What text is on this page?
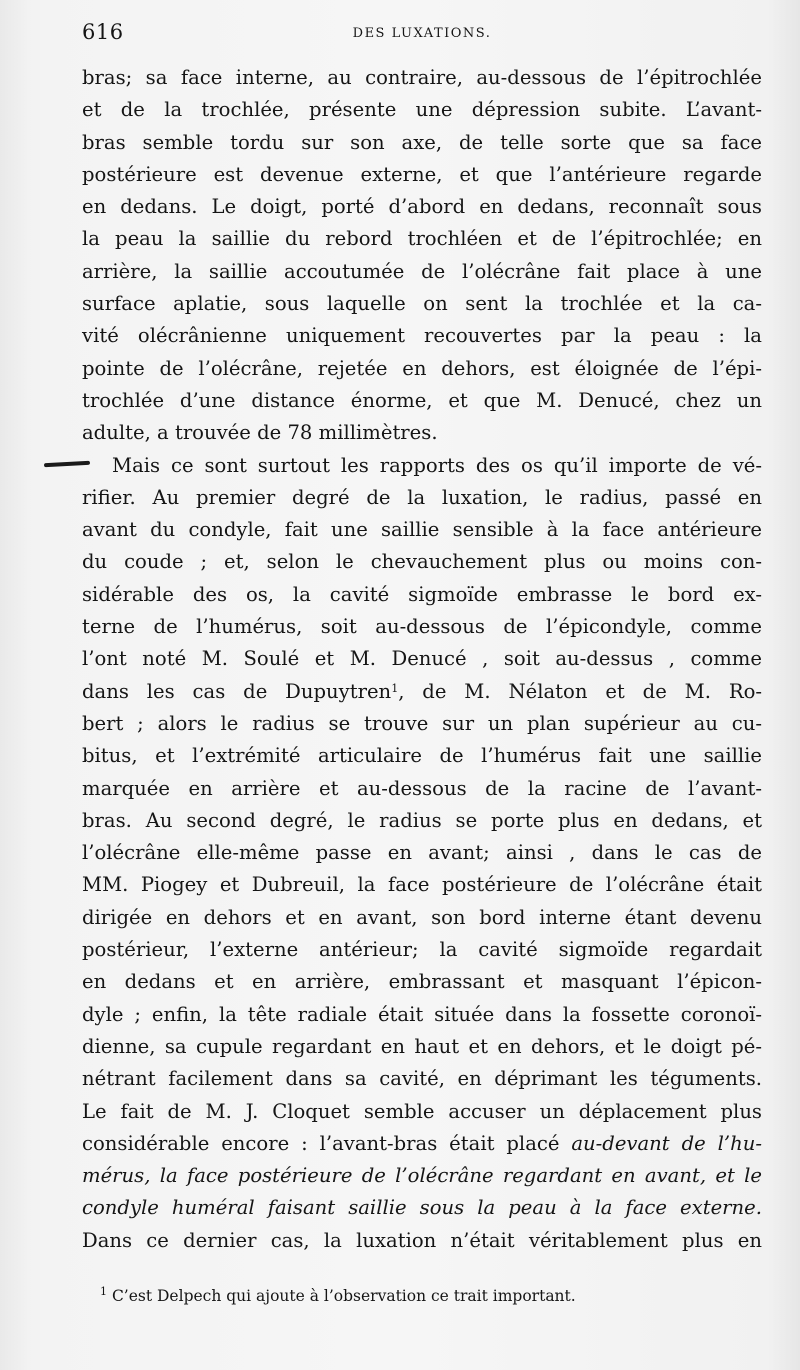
616	DES LUXATIONS.
bras; sa face interne, au contraire, au-dessous de l’épitrochlée
et de la trochlée, présente une dépression subite. L’avant-
bras semble tordu sur son axe, de telle sorte que sa face
postérieure est devenue externe, et que l’antérieure regarde
en dedans. Le doigt, porté d’abord en dedans, reconnaît sous
la peau la saillie du rebord trochléen et de l’épitrochlée; en
arrière, la saillie accoutumée de l’olécrâne fait place à une
surface aplatie, sous laquelle on sent la trochlée et la ca-
vité olécrânienne uniquement recouvertes par la peau : la
pointe de l’olécrâne, rejetée en dehors, est éloignée de l’épi-
trochlée d’une distance énorme, et que M. Denucé, chez un
adulte, a trouvée de 78 millimètres.
Mais ce sont surtout les rapports des os qu’il importe de vé-
rifier. Au premier degré de la luxation, le radius, passé en
avant du condyle, fait une saillie sensible à la face antérieure
du coude ; et, selon le chevauchement plus ou moins con-
sidérable des os, la cavité sigmoïde embrasse le bord ex-
terne de l’humérus, soit au-dessous de l’épicondyle, comme
l’ont noté M. Soulé et M. Denucé , soit au-dessus , comme
dans les cas de Dupuytren$^1$, de M. Nélaton et de M. Ro-
bert ; alors le radius se trouve sur un plan supérieur au cu-
bitus, et l’extrémité articulaire de l’humérus fait une saillie
marquée en arrière et au-dessous de la racine de l’avant-
bras. Au second degré, le radius se porte plus en dedans, et
l’olécrâne elle-même passe en avant; ainsi , dans le cas de
MM. Piogey et Dubreuil, la face postérieure de l’olécrâne était
dirigée en dehors et en avant, son bord interne étant devenu
postérieur, l’externe antérieur; la cavité sigmoïde regardait
en dedans et en arrière, embrassant et masquant l’épicon-
dyle ; enfin, la tête radiale était située dans la fossette coronoï-
dienne, sa cupule regardant en haut et en dehors, et le doigt pé-
nétrant facilement dans sa cavité, en déprimant les téguments.
Le fait de M. J. Cloquet semble accuser un déplacement plus
considérable encore : l’avant-bras était placé au-devant de l’hu-
mérus, la face postérieure de l’olécrâne regardant en avant, et le
condyle huméral faisant saillie sous la peau à la face externe.
Dans ce dernier cas, la luxation n’était véritablement plus en
$^1$ C’est Delpech qui ajoute à l’observation ce trait important.
